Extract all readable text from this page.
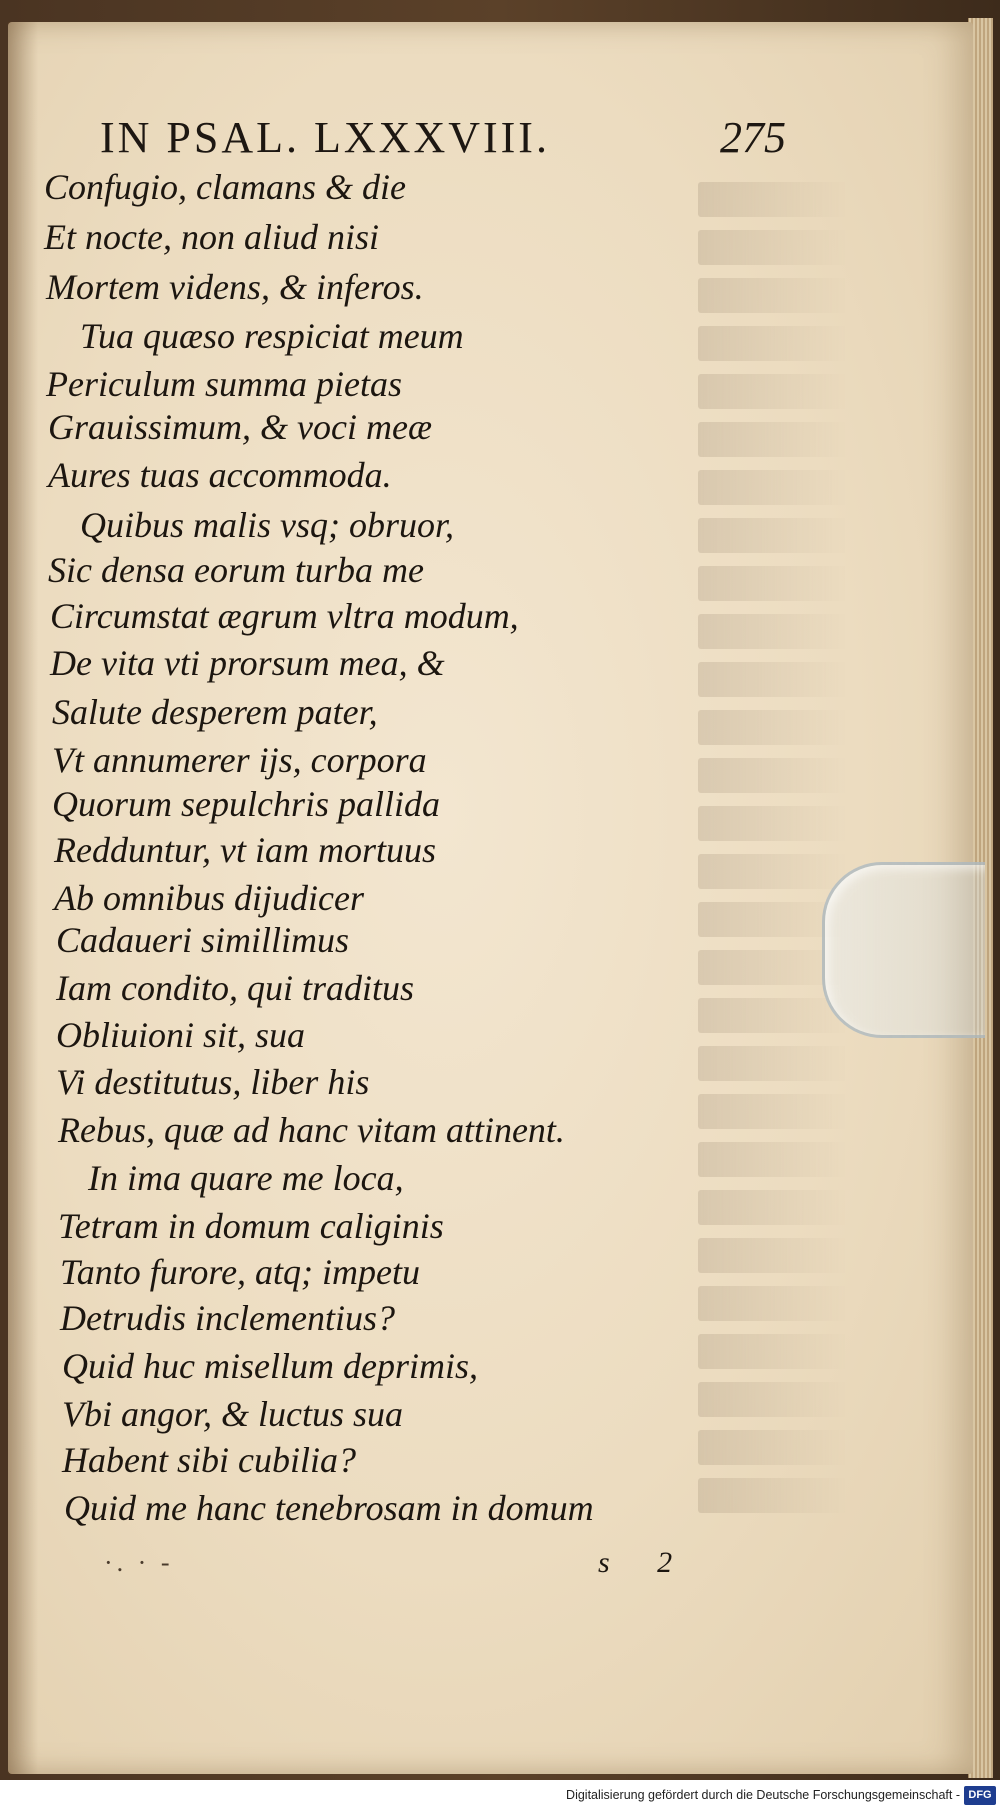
IN PSAL. LXXXVIII.	275
Confugio, clamans & die
Et nocte, non aliud nisi
Mortem videns, & inferos.
Tua quæso respiciat meum
Periculum summa pietas
Grauissimum, & voci meæ
Aures tuas accommoda.
Quibus malis vsq; obruor,
Sic densa eorum turba me
Circumstat ægrum vltra modum,
De vita vti prorsum mea, &
Salute desperem pater,
Vt annumerer ijs, corpora
Quorum sepulchris pallida
Redduntur, vt iam mortuus
Ab omnibus dijudicer
Cadaueri simillimus
Iam condito, qui traditus
Obliuioni sit, sua
Vi destitutus, liber his
Rebus, quæ ad hanc vitam attinent.
In ima quare me loca,
Tetram in domum caliginis
Tanto furore, atq; impetu
Detrudis inclementius?
Quid huc misellum deprimis,
Vbi angor, & luctus sua
Habent sibi cubilia?
Quid me hanc tenebrosam in domum
·. · -	s 2
Digitalisierung gefördert durch die Deutsche Forschungsgemeinschaft - DFG
